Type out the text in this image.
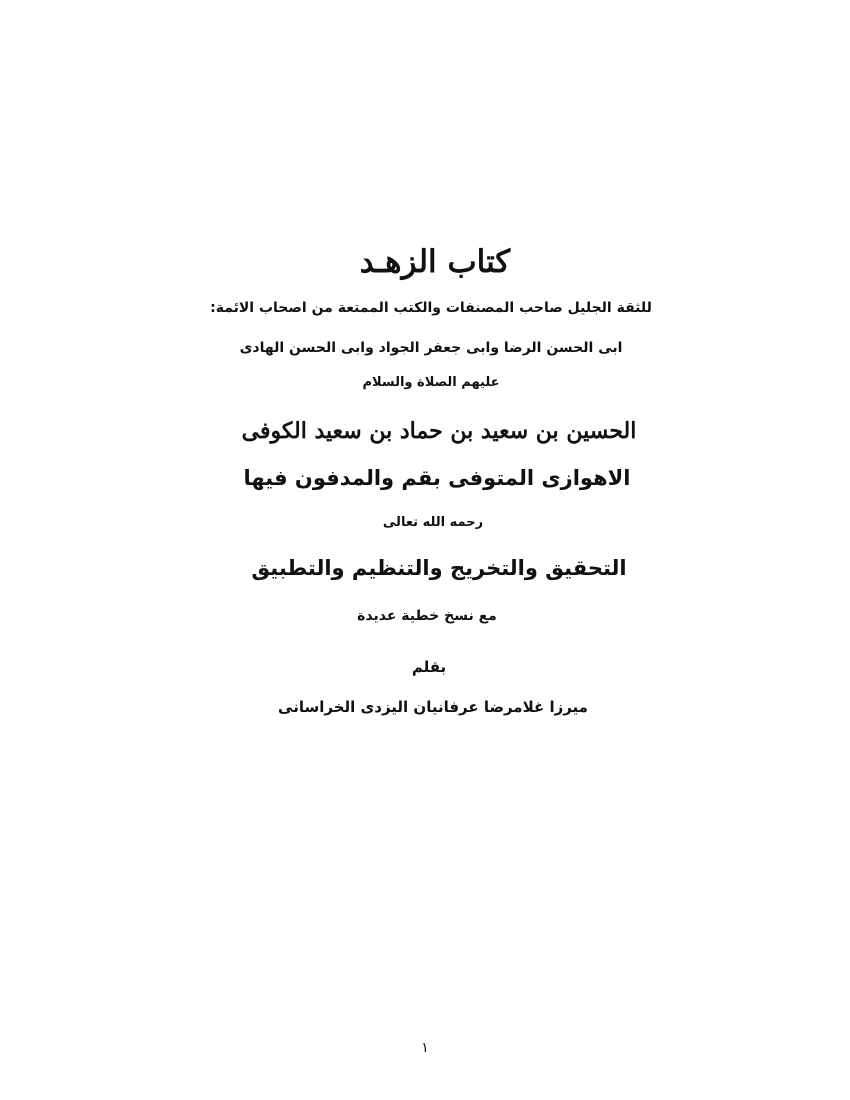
كتاب الزهـد
للثقة الجليل صاحب المصنفات والكتب الممتعة من اصحاب الائمة:
ابى الحسن الرضا وابى جعفر الجواد وابى الحسن الهادى
عليهم الصلاة والسلام
الحسين بن سعيد بن حماد بن سعيد الكوفى
الاهوازى المتوفى بقم والمدفون فيها
رحمه الله تعالى
التحقيق والتخريج والتنظيم والتطبيق
مع نسخ خطية عديدة
بقلم
ميرزا غلامرضا عرفانيان اليزدى الخراسانى
١
